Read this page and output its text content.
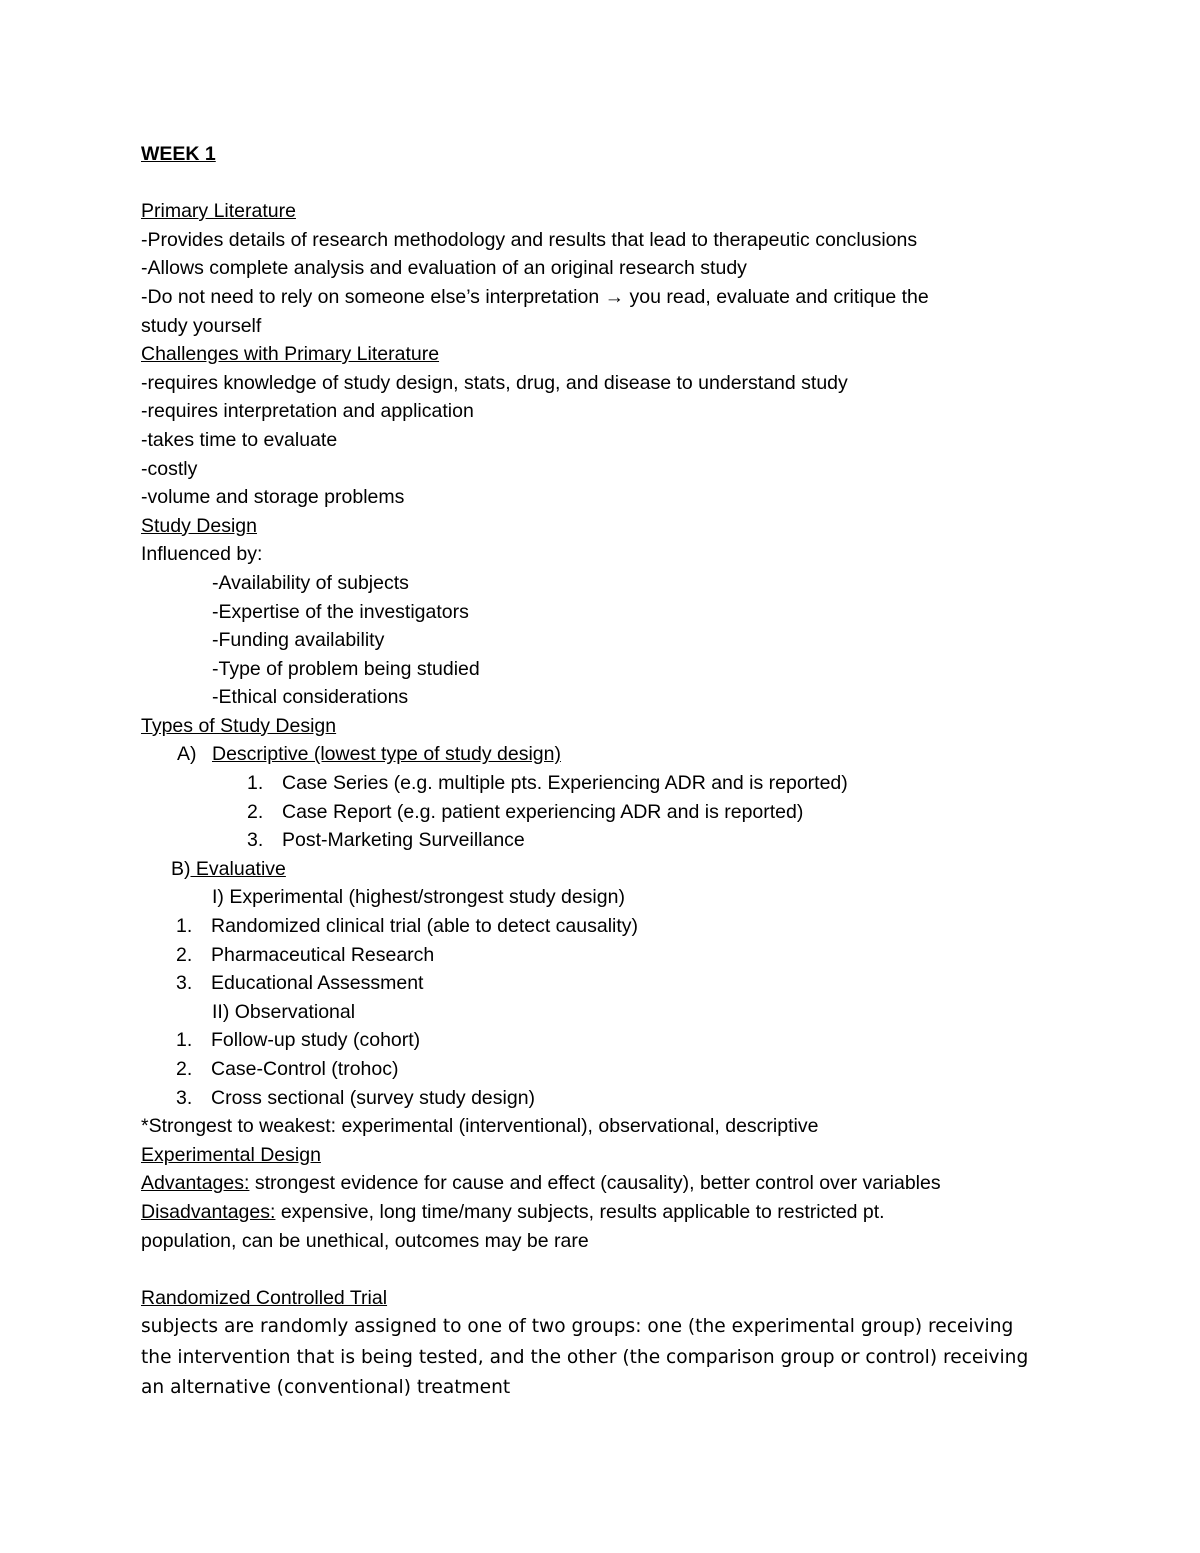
WEEK 1
Primary Literature
-Provides details of research methodology and results that lead to therapeutic conclusions
-Allows complete analysis and evaluation of an original research study
-Do not need to rely on someone else’s interpretation → you read, evaluate and critique the
study yourself
Challenges with Primary Literature
-requires knowledge of study design, stats, drug, and disease to understand study
-requires interpretation and application
-takes time to evaluate
-costly
-volume and storage problems
Study Design
Influenced by:
-Availability of subjects
-Expertise of the investigators
-Funding availability
-Type of problem being studied
-Ethical considerations
Types of Study Design
A) Descriptive (lowest type of study design)
1. Case Series (e.g. multiple pts. Experiencing ADR and is reported)
2. Case Report (e.g. patient experiencing ADR and is reported)
3. Post-Marketing Surveillance
B) Evaluative
I) Experimental (highest/strongest study design)
1. Randomized clinical trial (able to detect causality)
2. Pharmaceutical Research
3. Educational Assessment
II) Observational
1. Follow-up study (cohort)
2. Case-Control (trohoc)
3. Cross sectional (survey study design)
*Strongest to weakest: experimental (interventional), observational, descriptive
Experimental Design
Advantages: strongest evidence for cause and effect (causality), better control over variables
Disadvantages: expensive, long time/many subjects, results applicable to restricted pt.
population, can be unethical, outcomes may be rare
Randomized Controlled Trial
subjects are randomly assigned to one of two groups: one (the experimental group) receiving the intervention that is being tested, and the other (the comparison group or control) receiving an alternative (conventional) treatment
